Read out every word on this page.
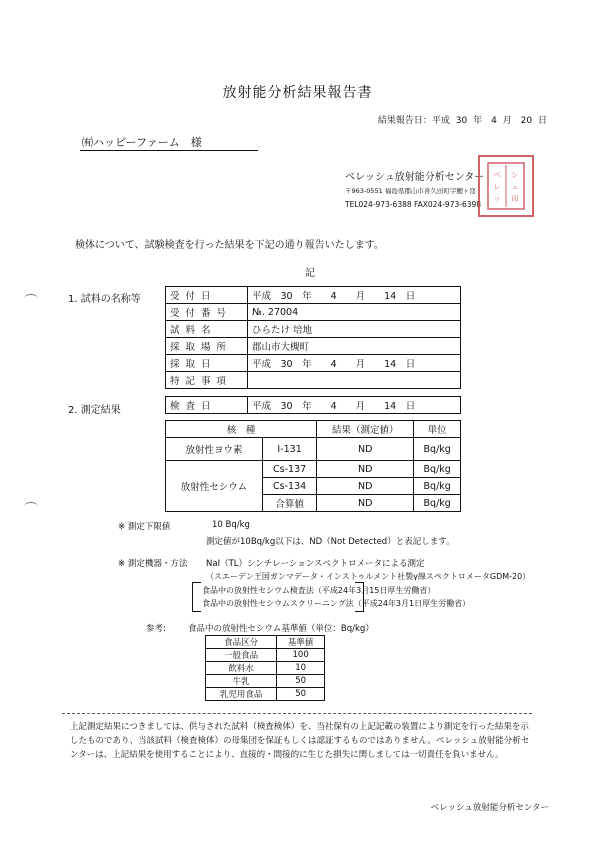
放射能分析結果報告書
結果報告日：平成 30 年　4 月　20 日
㈲ハッピーファーム　様
ベレッシュ放射能分析センター
〒963-0551 福島県郡山市喜久田町字鯉ヶ窪
TEL024-973-6388 FAX024-973-6398
ベ
レ
ッ
シ
ュ
印
検体について、試験検査を行った結果を下記の通り報告いたします。
記
1. 試料の名称等	受付日	平成　30　年　　4　　月　　14　日
受付番号	№. 27004
試料名	ひらたけ 培地
採取場所	郡山市大槻町
採取日	平成　30　年　　4　　月　　14　日
特記事項	
2. 測定結果	検査日	平成　30　年　　4　　月　　14　日
核　種		結果（測定値）	単位
放射性ヨウ素	I-131	ND	Bq/kg
放射性セシウム	Cs-137	ND	Bq/kg
	Cs-134	ND	Bq/kg
	合算値	ND	Bq/kg
※ 測定下限値	10 Bq/kg
測定値が10Bq/kg以下は、ND（Not Detected）と表記します。
※ 測定機器・方法 NaI（TL）シンチレーションスペクトロメータによる測定
（スエーデン王国ガンマデータ・インストゥルメント社製γ線スペクトロメータGDM-20）
食品中の放射性セシウム検査法（平成24年3月15日厚生労働省）
食品中の放射性セシウムスクリーニング法（平成24年3月1日厚生労働省）
参考:	食品中の放射性セシウム基準値（単位：Bq/kg）
食品区分	基準値
一般食品	100
飲料水	10
牛乳	50
乳児用食品	50
上記測定結果につきましては、供与された試料（検査検体）を、当社保有の上記記載の装置により測定を行った結果を示したものであり、当該試料（検査検体）の母集団を保証もしくは認証するものではありません。ベレッシュ放射能分析センターは、上記結果を使用することにより、直接的・間接的に生じた損失に関しましては一切責任を負いません。
ベレッシュ放射能分析センター
